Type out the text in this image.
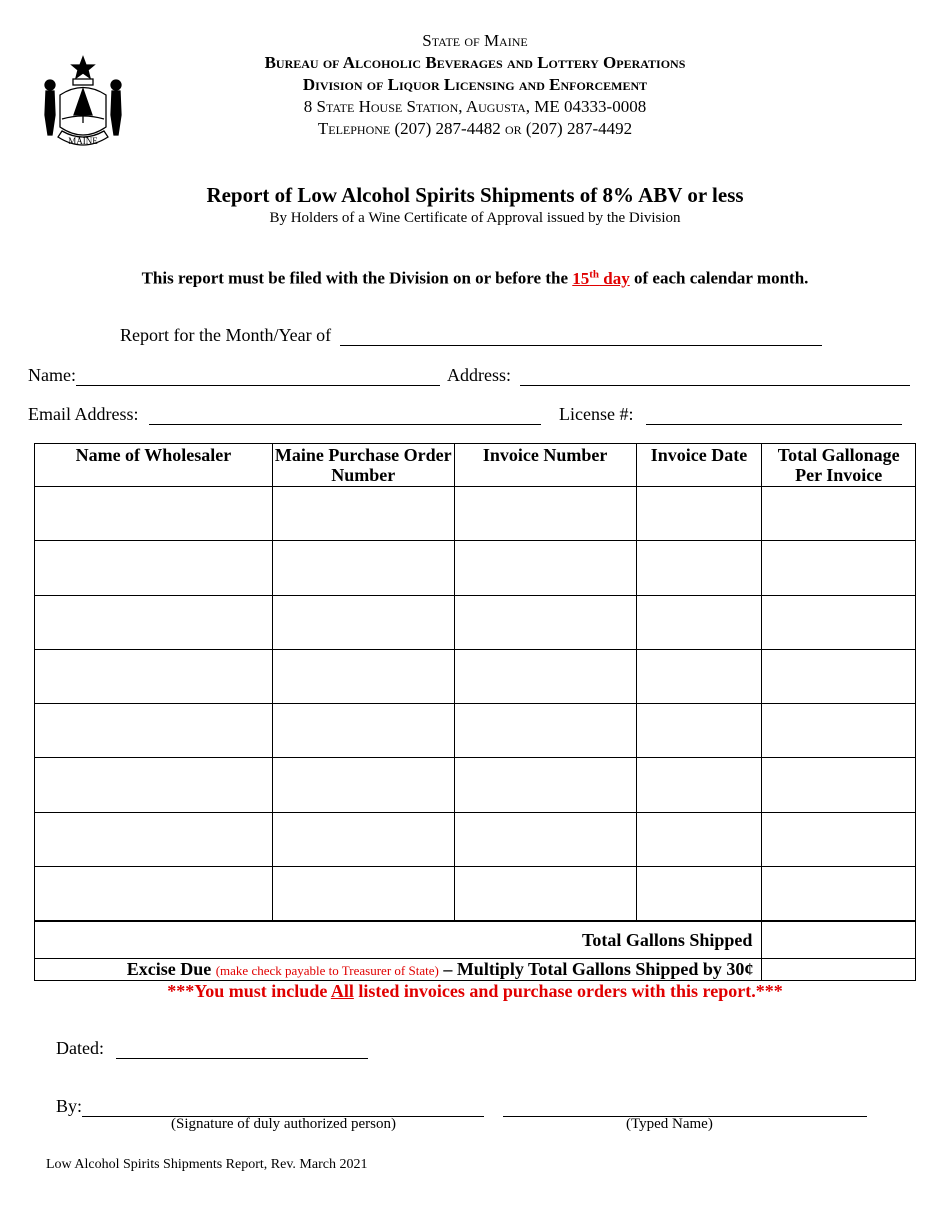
MAINE
State of Maine
Bureau of Alcoholic Beverages and Lottery Operations
Division of Liquor Licensing and Enforcement
8 State House Station, Augusta, ME 04333-0008
Telephone (207) 287-4482 or (207) 287-4492
Report of Low Alcohol Spirits Shipments of 8% ABV or less
By Holders of a Wine Certificate of Approval issued by the Division
This report must be filed with the Division on or before the 15th day of each calendar month.
Report for the Month/Year of
Name:	Address:
Email Address:	License #:
Name of Wholesaler	Maine Purchase Order Number	Invoice Number	Invoice Date	Total Gallonage Per Invoice

Total Gallons Shipped				
Excise Due (make check payable to Treasurer of State) – Multiply Total Gallons Shipped by 30¢				
***You must include All listed invoices and purchase orders with this report.***
Dated:
By:
(Signature of duly authorized person)	(Typed Name)
Low Alcohol Spirits Shipments Report, Rev. March 2021
